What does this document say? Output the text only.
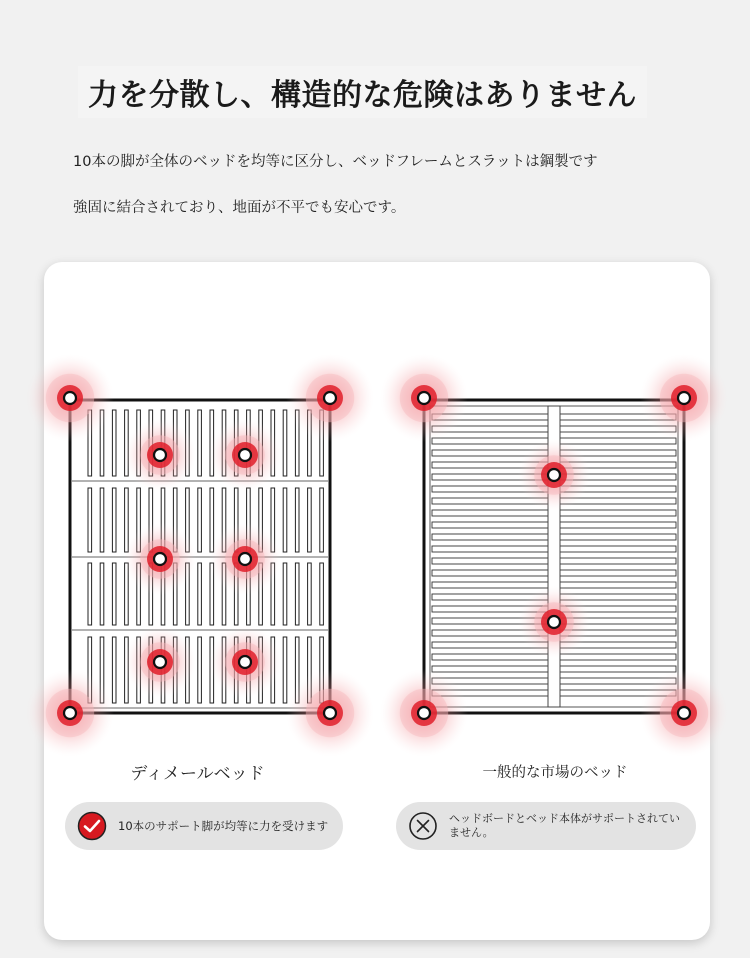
力を分散し、構造的な危険はありません

10本の脚が全体のベッドを均等に区分し、ベッドフレームとスラットは鋼製です

強固に結合されており、地面が不平でも安心です。

ディメールベッド	一般的な市場のベッド
10本のサポート脚が均等に力を受けます
ヘッドボードとベッド本体がサポートされていません。
